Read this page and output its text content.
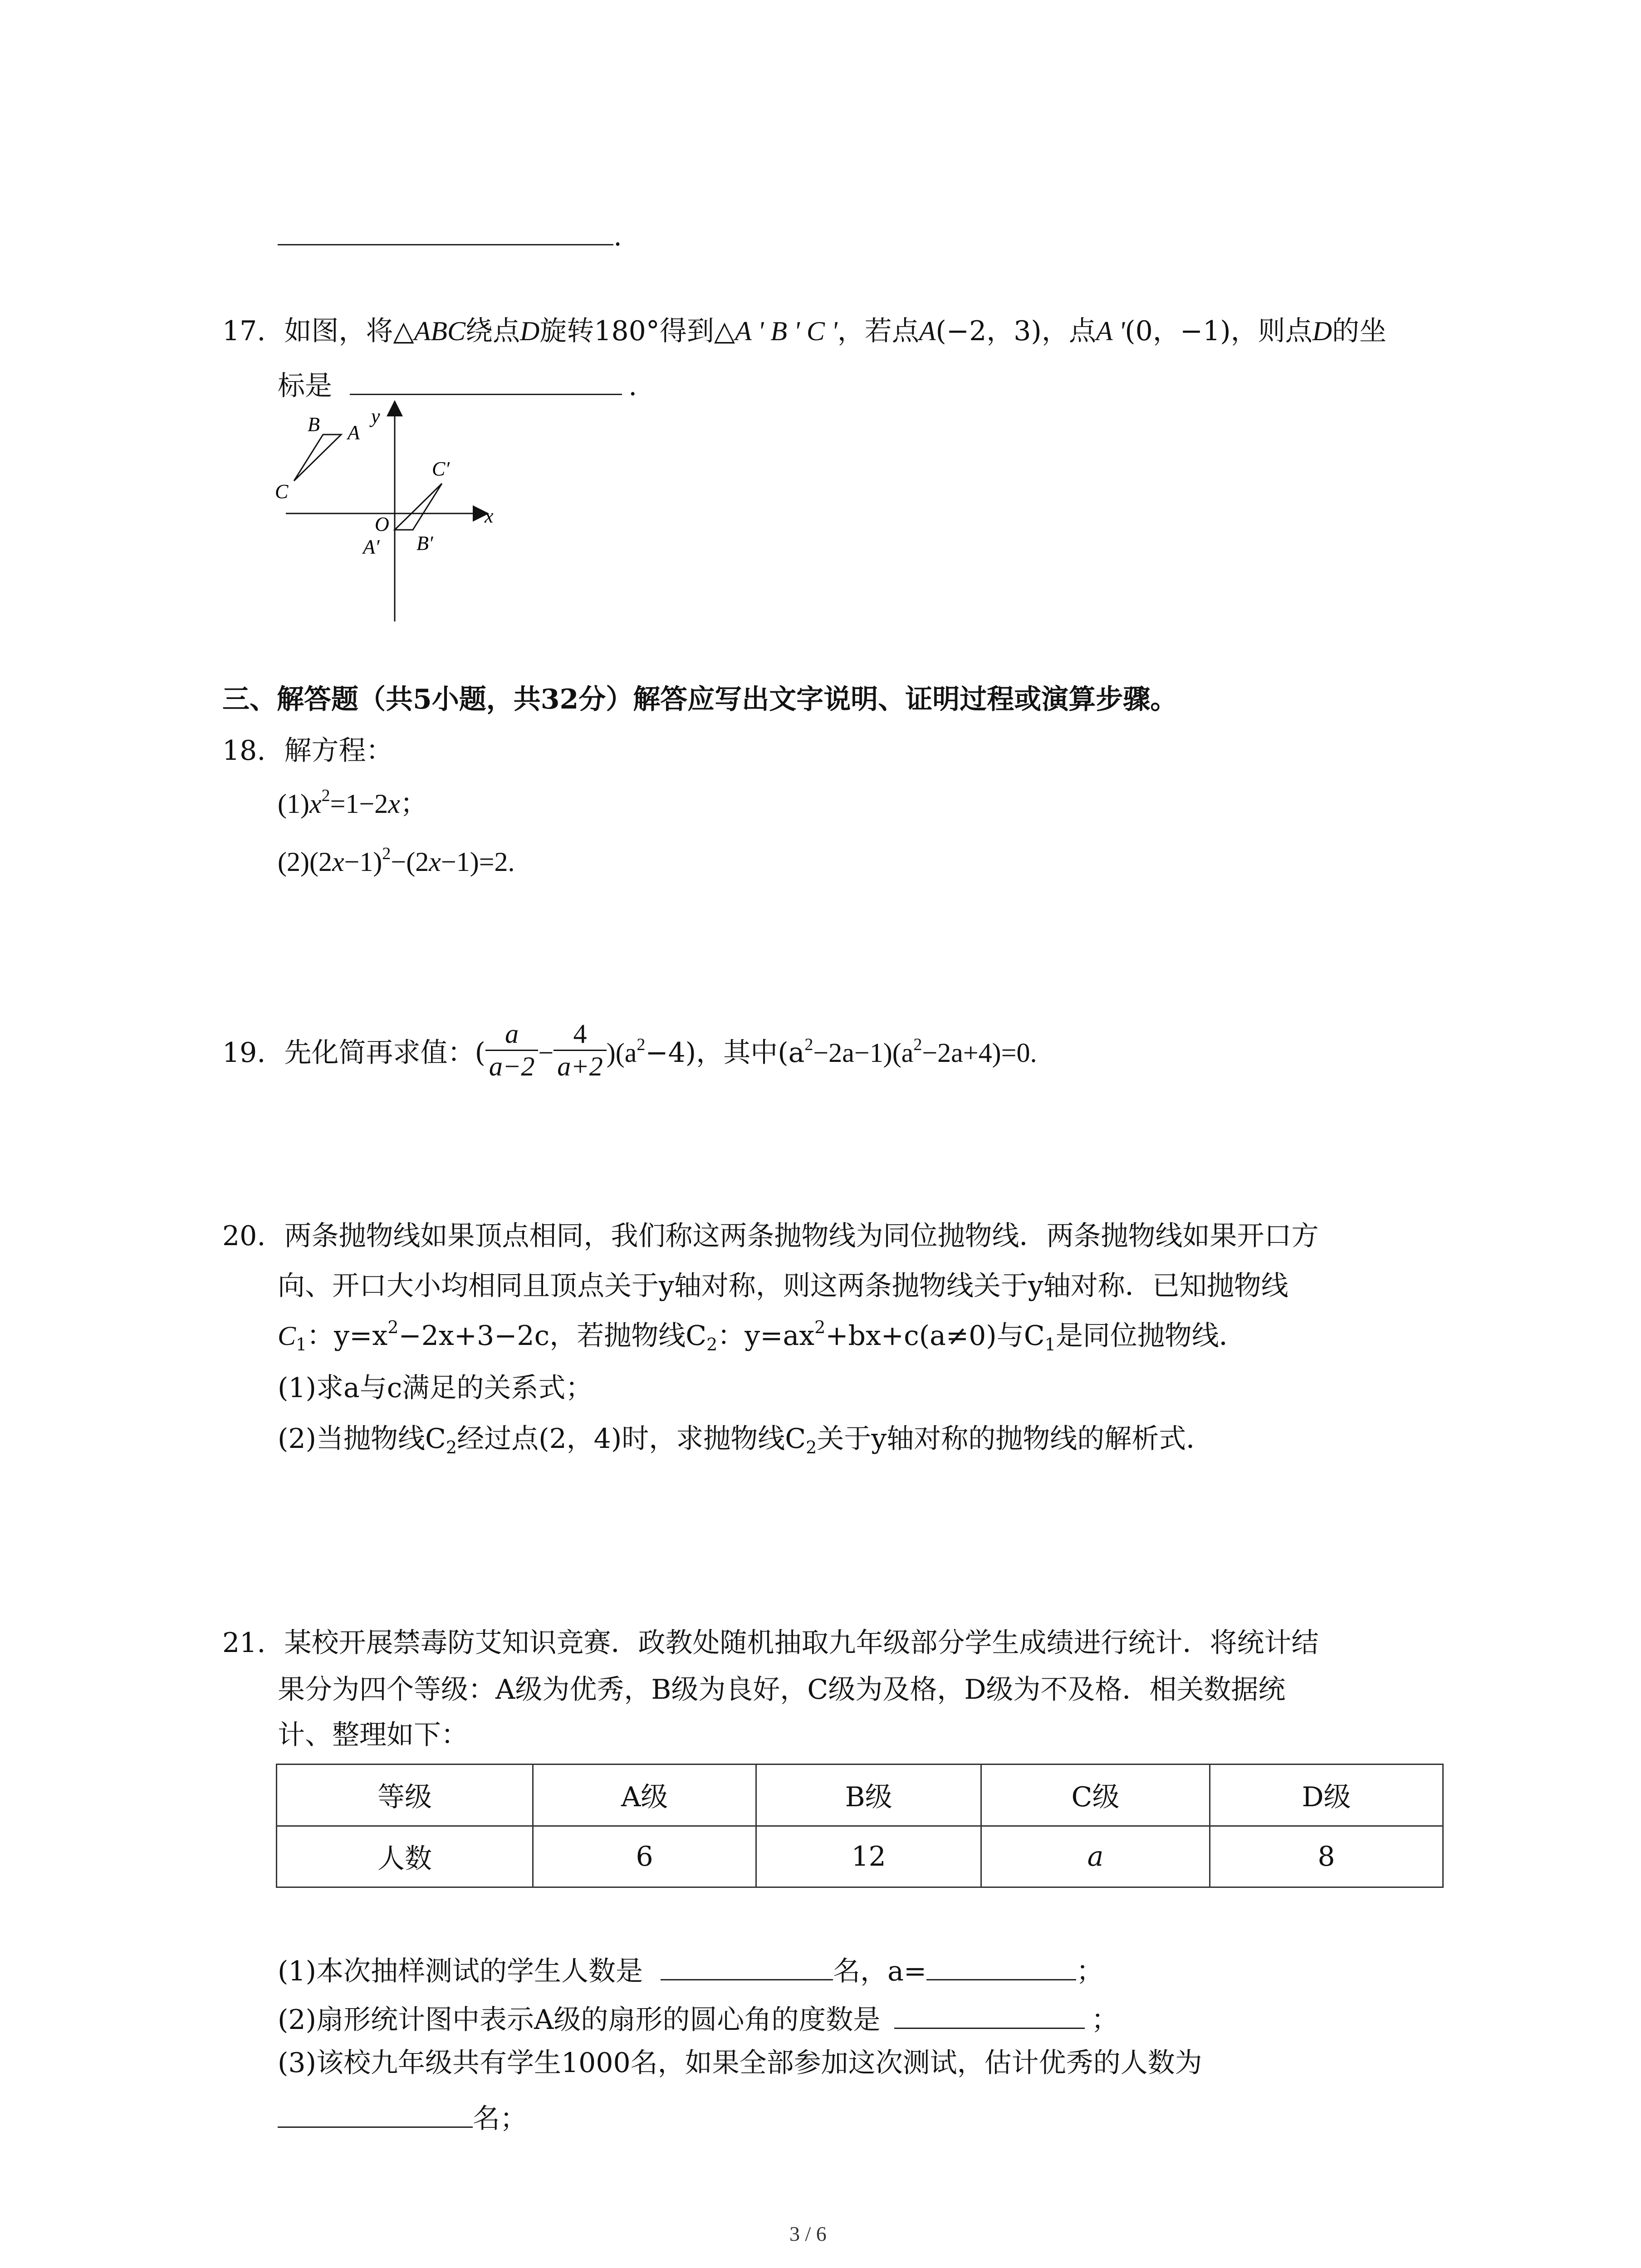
.
17. 如图，将△ABC绕点D旋转180°得到△A ' B ' C '，若点A(−2，3)，点A '(0，−1)，则点D的坐
标是	.
B A
C
y
O	x
A′ B′
C′
三、解答题（共5小题，共32分）解答应写出文字说明、证明过程或演算步骤。
18. 解方程：
$(1)x^2=1-2x$；
$(2)(2x-1)^2-(2x-1)=2$.
19. 先化简再求值：( $\frac{a}{a-2} - \frac{4}{a+2} )(a^2-4)$，其中$(a^2-2a-1)(a^2-2a+4)=0$.
20. 两条抛物线如果顶点相同，我们称这两条抛物线为同位抛物线．两条抛物线如果开口方
向、开口大小均相同且顶点关于y轴对称，则这两条抛物线关于y轴对称．已知抛物线
$C_1$：$y=x^2-2x+3-2c$，若抛物线$C_2$：$y=ax^2+bx+c(a\ne 0)$与$C_1$是同位抛物线．
(1)求a与c满足的关系式；
(2)当抛物线$C_2$经过点(2，4)时，求抛物线$C_2$关于y轴对称的抛物线的解析式．
21. 某校开展禁毒防艾知识竞赛．政教处随机抽取九年级部分学生成绩进行统计．将统计结
果分为四个等级：A级为优秀，B级为良好，C级为及格，D级为不及格．相关数据统
计、整理如下：
等级	A级	B级	C级	D级
人数	6	12	a	8
(1)本次抽样测试的学生人数是	名，a=	；
(2)扇形统计图中表示A级的扇形的圆心角的度数是	；
(3)该校九年级共有学生1000名，如果全部参加这次测试，估计优秀的人数为
名；
3 / 6
